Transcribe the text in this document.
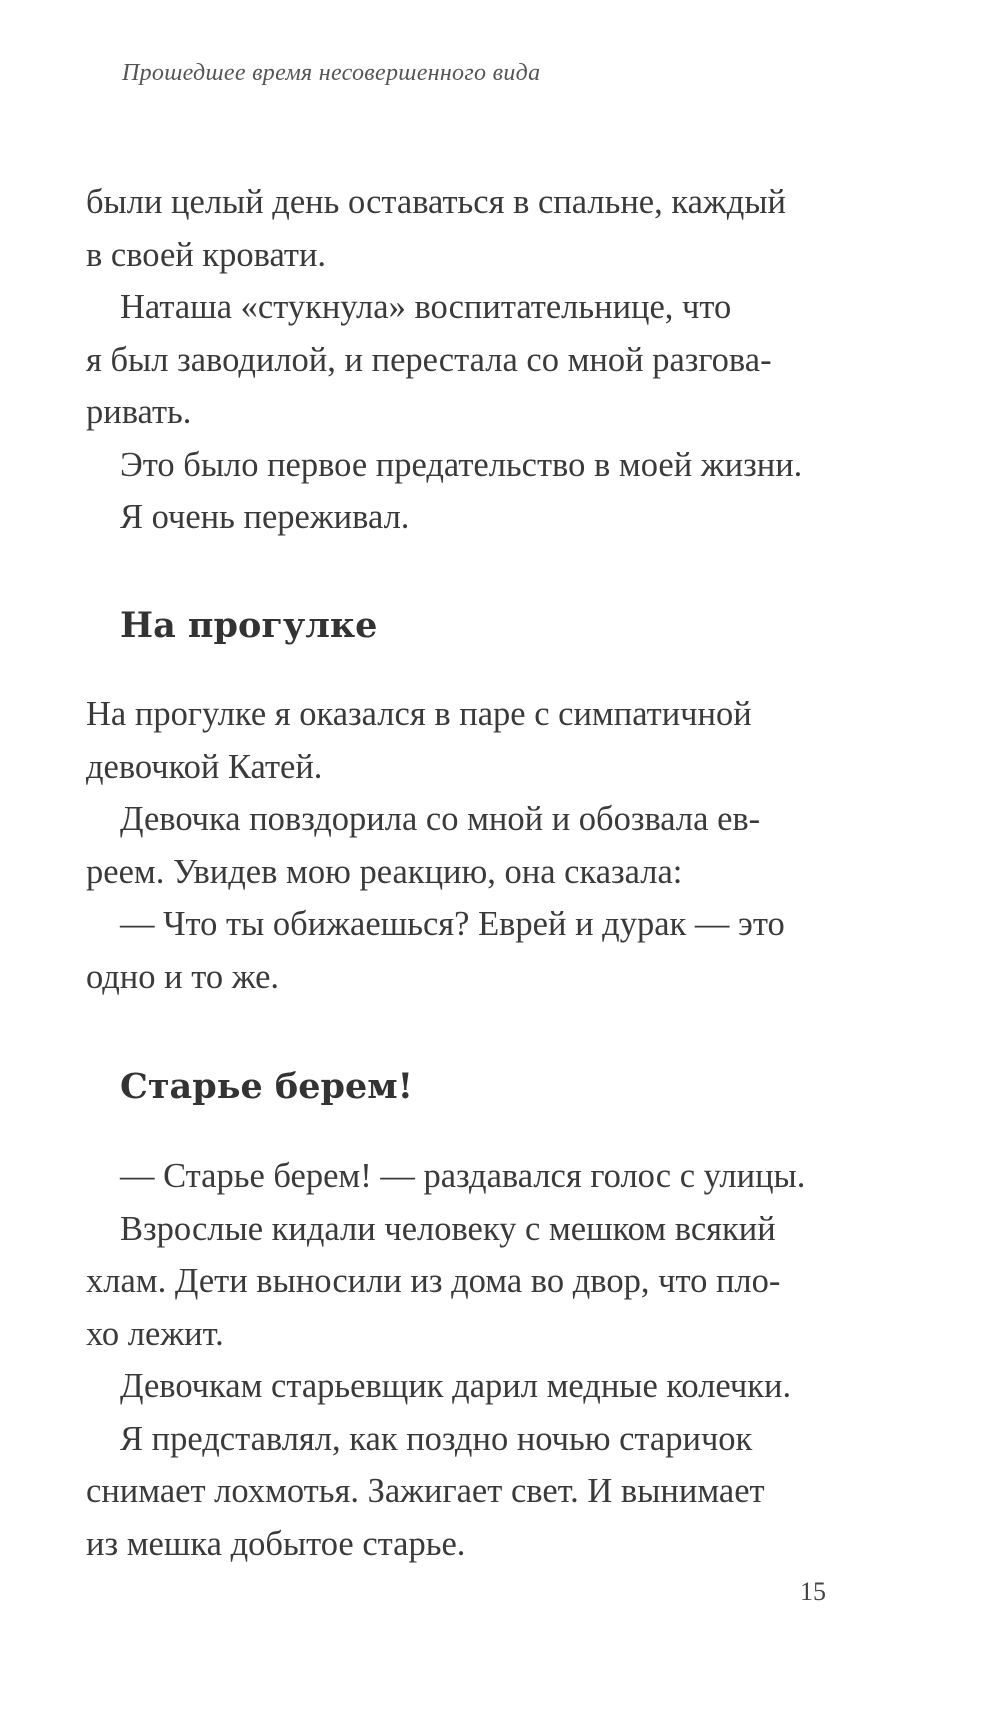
Прошедшее время несовершенного вида
были целый день оставаться в спальне, каждый
в своей кровати.
Наташа «стукнула» воспитательнице, что
я был заводилой, и перестала со мной разгова-
ривать.
Это было первое предательство в моей жизни.
Я очень переживал.
На прогулке
На прогулке я оказался в паре с симпатичной
девочкой Катей.
Девочка повздорила со мной и обозвала ев-
реем. Увидев мою реакцию, она сказала:
— Что ты обижаешься? Еврей и дурак — это
одно и то же.
Старье берем!
— Старье берем! — раздавался голос с улицы.
Взрослые кидали человеку с мешком всякий
хлам. Дети выносили из дома во двор, что пло-
хо лежит.
Девочкам старьевщик дарил медные колечки.
Я представлял, как поздно ночью старичок
снимает лохмотья. Зажигает свет. И вынимает
из мешка добытое старье.
15
